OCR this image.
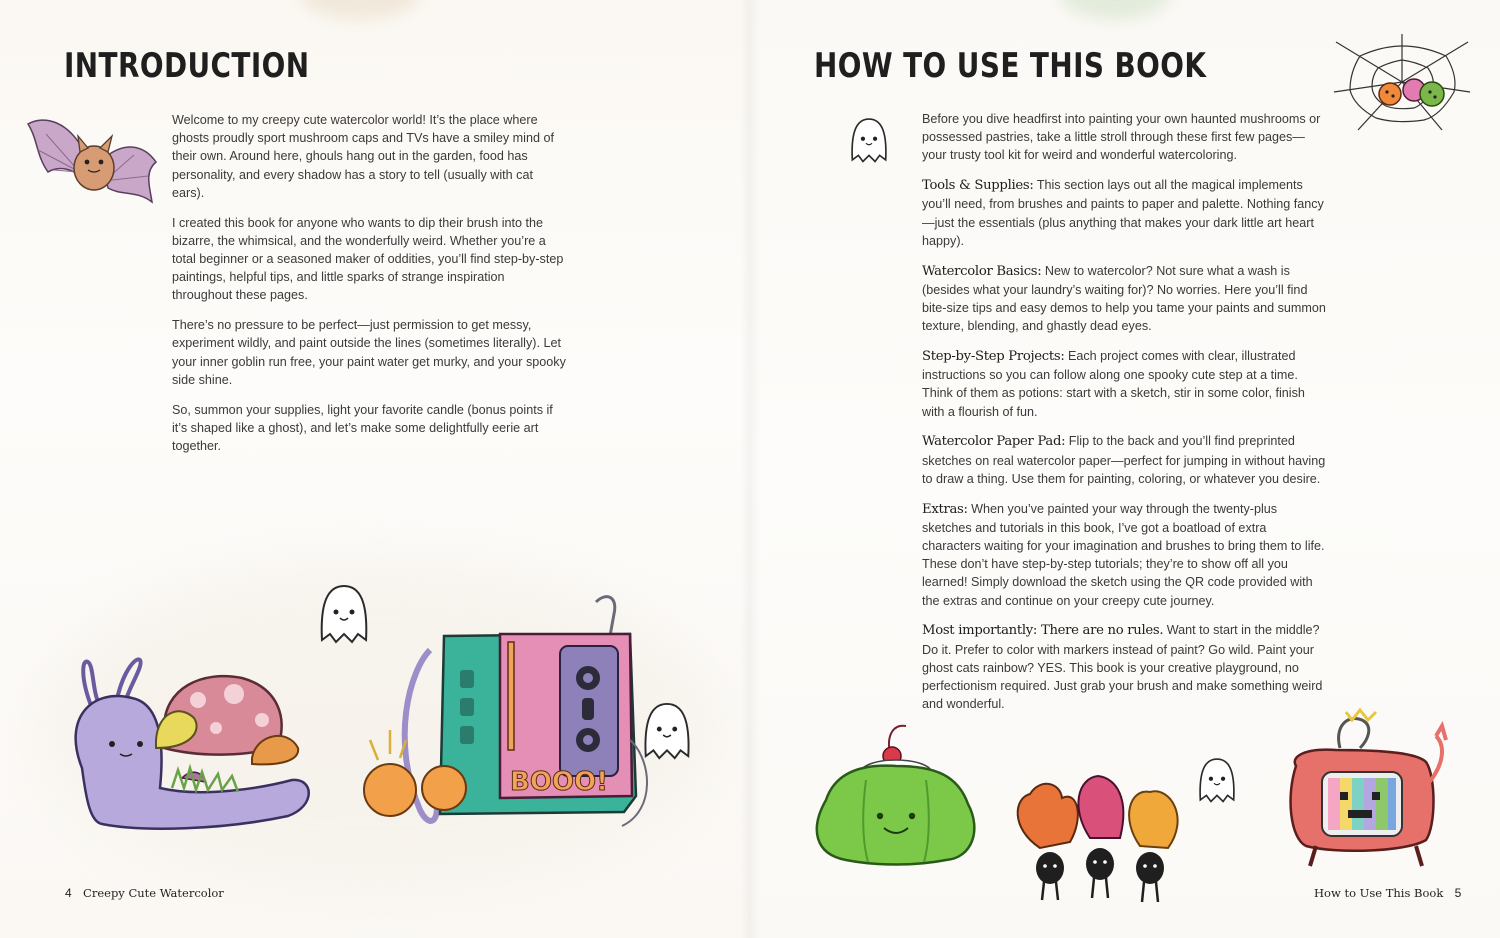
INTRODUCTION

Welcome to my creepy cute watercolor world! It’s the place where ghosts proudly sport mushroom caps and TVs have a smiley mind of their own. Around here, ghouls hang out in the garden, food has personality, and every shadow has a story to tell (usually with cat ears).

I created this book for anyone who wants to dip their brush into the bizarre, the whimsical, and the wonderfully weird. Whether you’re a total beginner or a seasoned maker of oddities, you’ll find step-by-step paintings, helpful tips, and little sparks of strange inspiration throughout these pages.

There’s no pressure to be perfect—just permission to get messy, experiment wildly, and paint outside the lines (sometimes literally). Let your inner goblin run free, your paint water get murky, and your spooky side shine.

So, summon your supplies, light your favorite candle (bonus points if it’s shaped like a ghost), and let’s make some delightfully eerie art together.

BOOO!
4 Creepy Cute Watercolor
HOW TO USE THIS BOOK

Before you dive headfirst into painting your own haunted mushrooms or possessed pastries, take a little stroll through these first few pages—your trusty tool kit for weird and wonderful watercoloring.

Tools & Supplies: This section lays out all the magical implements you’ll need, from brushes and paints to paper and palette. Nothing fancy—just the essentials (plus anything that makes your dark little art heart happy).

Watercolor Basics: New to watercolor? Not sure what a wash is (besides what your laundry’s waiting for)? No worries. Here you’ll find bite-size tips and easy demos to help you tame your paints and summon texture, blending, and ghastly dead eyes.

Step-by-Step Projects: Each project comes with clear, illustrated instructions so you can follow along one spooky cute step at a time. Think of them as potions: start with a sketch, stir in some color, finish with a flourish of fun.

Watercolor Paper Pad: Flip to the back and you’ll find preprinted sketches on real watercolor paper—perfect for jumping in without having to draw a thing. Use them for painting, coloring, or whatever you desire.

Extras: When you’ve painted your way through the twenty-plus sketches and tutorials in this book, I’ve got a boatload of extra characters waiting for your imagination and brushes to bring them to life. These don’t have step-by-step tutorials; they’re to show off all you learned! Simply download the sketch using the QR code provided with the extras and continue on your creepy cute journey.

Most importantly: There are no rules. Want to start in the middle? Do it. Prefer to color with markers instead of paint? Go wild. Paint your ghost cats rainbow? YES. This book is your creative playground, no perfectionism required. Just grab your brush and make something weird and wonderful.

How to Use This Book 5
